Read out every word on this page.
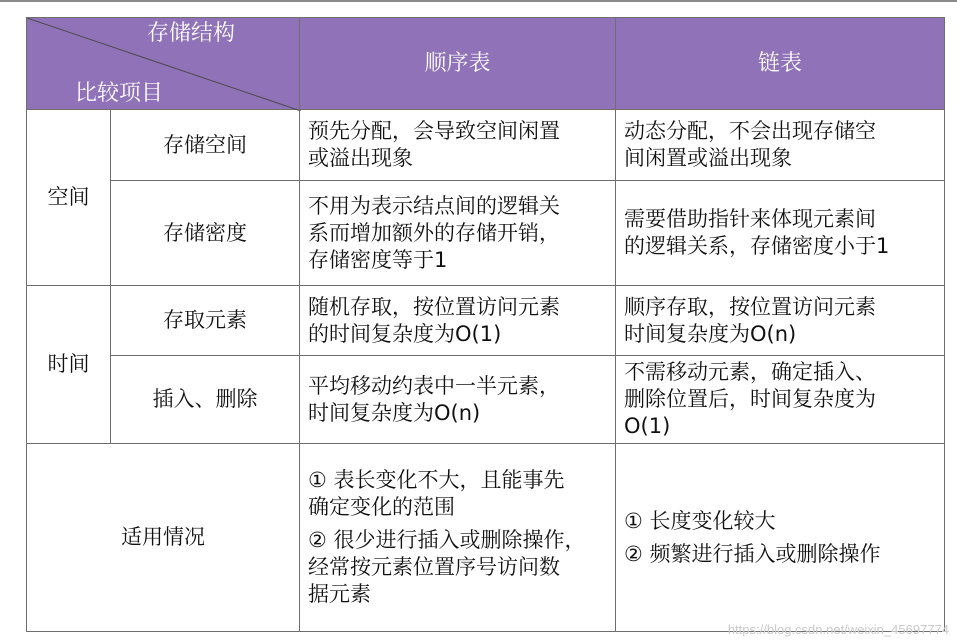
存储结构
比较项目
顺序表	链表
空间
存储空间
预先分配，会导致空间闲置
或溢出现象
动态分配，不会出现存储空
间闲置或溢出现象
存储密度
不用为表示结点间的逻辑关
系而增加额外的存储开销，
存储密度等于1
需要借助指针来体现元素间
的逻辑关系，存储密度小于1
时间
存取元素
随机存取，按位置访问元素
的时间复杂度为O(1)
顺序存取，按位置访问元素
时间复杂度为O(n)
插入、删除
平均移动约表中一半元素，
时间复杂度为O(n)
不需移动元素，确定插入、
删除位置后，时间复杂度为
O(1)
适用情况
① 表长变化不大，且能事先
确定变化的范围
② 很少进行插入或删除操作，
经常按元素位置序号访问数
据元素
① 长度变化较大
② 频繁进行插入或删除操作
https://blog.csdn.net/weixin_45697774
